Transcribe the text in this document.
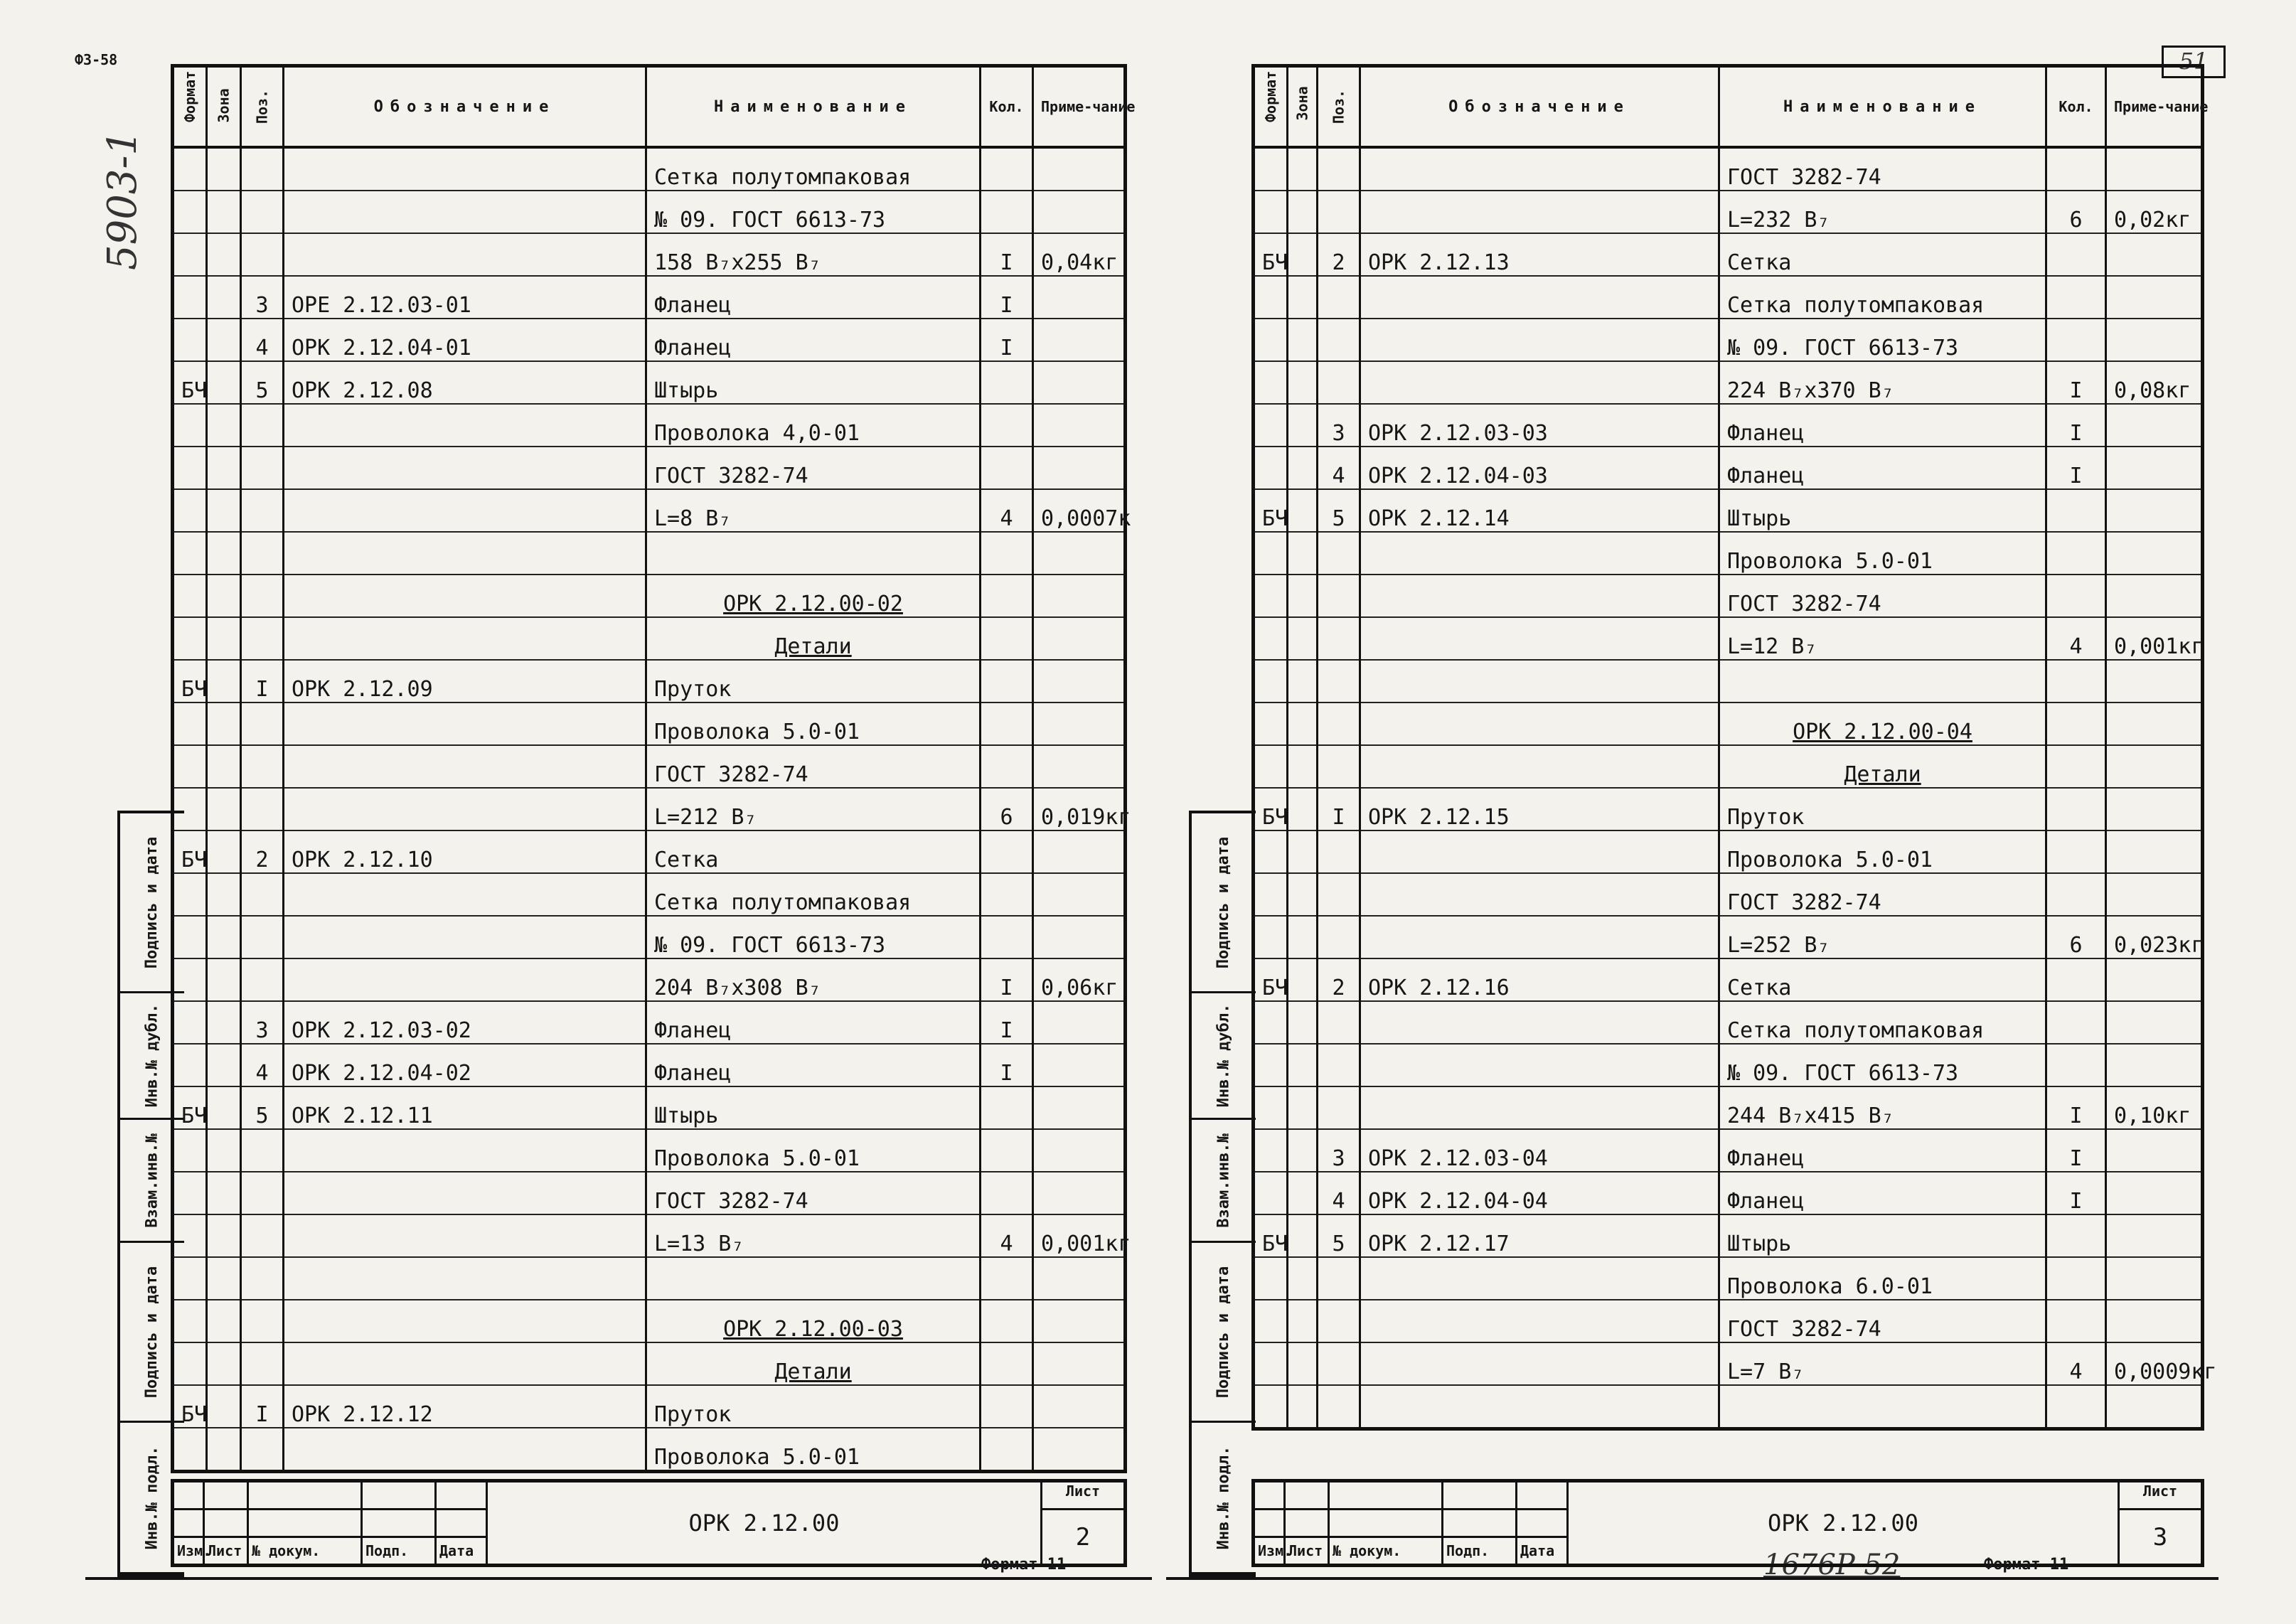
ФЗ-58
5903-1
51
1676Р 52
Формат	Зона	Поз.	Обозначение	Наименование	Кол.	Приме-чание
				Сетка полутомпаковая		
				№ 09. ГОСТ 6613-73		
				158 В₇х255 В₇	I	0,04кг
		3	ОРЕ 2.12.03-01	Фланец	I	
		4	ОРК 2.12.04-01	Фланец	I	
БЧ		5	ОРК 2.12.08	Штырь		
				Проволока 4,0-01		
				ГОСТ 3282-74		
				L=8 В₇	4	0,0007к

				ОРК 2.12.00-02		
				Детали		
БЧ		I	ОРК 2.12.09	Пруток		
				Проволока 5.0-01		
				ГОСТ 3282-74		
				L=212 В₇	6	0,019кг
БЧ		2	ОРК 2.12.10	Сетка		
				Сетка полутомпаковая		
				№ 09. ГОСТ 6613-73		
				204 В₇х308 В₇	I	0,06кг
		3	ОРК 2.12.03-02	Фланец	I	
		4	ОРК 2.12.04-02	Фланец	I	
БЧ		5	ОРК 2.12.11	Штырь		
				Проволока 5.0-01		
				ГОСТ 3282-74		
				L=13 В₇	4	0,001кг

				ОРК 2.12.00-03		
				Детали		
БЧ		I	ОРК 2.12.12	Пруток		
				Проволока 5.0-01		
					ОРК 2.12.00	Лист
						2
Изм.	Лист	№ докум.	Подп.	Дата		
Формат 11
Подпись и дата
Инв.№ дубл.
Взам.инв.№
Подпись и дата
Инв.№ подл.
Формат	Зона	Поз.	Обозначение	Наименование	Кол.	Приме-чание
				ГОСТ 3282-74		
				L=232 В₇	6	0,02кг
БЧ		2	ОРК 2.12.13	Сетка		
				Сетка полутомпаковая		
				№ 09. ГОСТ 6613-73		
				224 В₇х370 В₇	I	0,08кг
		3	ОРК 2.12.03-03	Фланец	I	
		4	ОРК 2.12.04-03	Фланец	I	
БЧ		5	ОРК 2.12.14	Штырь		
				Проволока 5.0-01		
				ГОСТ 3282-74		
				L=12 В₇	4	0,001кг

				ОРК 2.12.00-04		
				Детали		
БЧ		I	ОРК 2.12.15	Пруток		
				Проволока 5.0-01		
				ГОСТ 3282-74		
				L=252 В₇	6	0,023кг
БЧ		2	ОРК 2.12.16	Сетка		
				Сетка полутомпаковая		
				№ 09. ГОСТ 6613-73		
				244 В₇х415 В₇	I	0,10кг
		3	ОРК 2.12.03-04	Фланец	I	
		4	ОРК 2.12.04-04	Фланец	I	
БЧ		5	ОРК 2.12.17	Штырь		
				Проволока 6.0-01		
				ГОСТ 3282-74		
				L=7 В₇	4	0,0009кг

					ОРК 2.12.00	Лист
						3
Изм.	Лист	№ докум.	Подп.	Дата		
Формат 11
Подпись и дата
Инв.№ дубл.
Взам.инв.№
Подпись и дата
Инв.№ подл.
